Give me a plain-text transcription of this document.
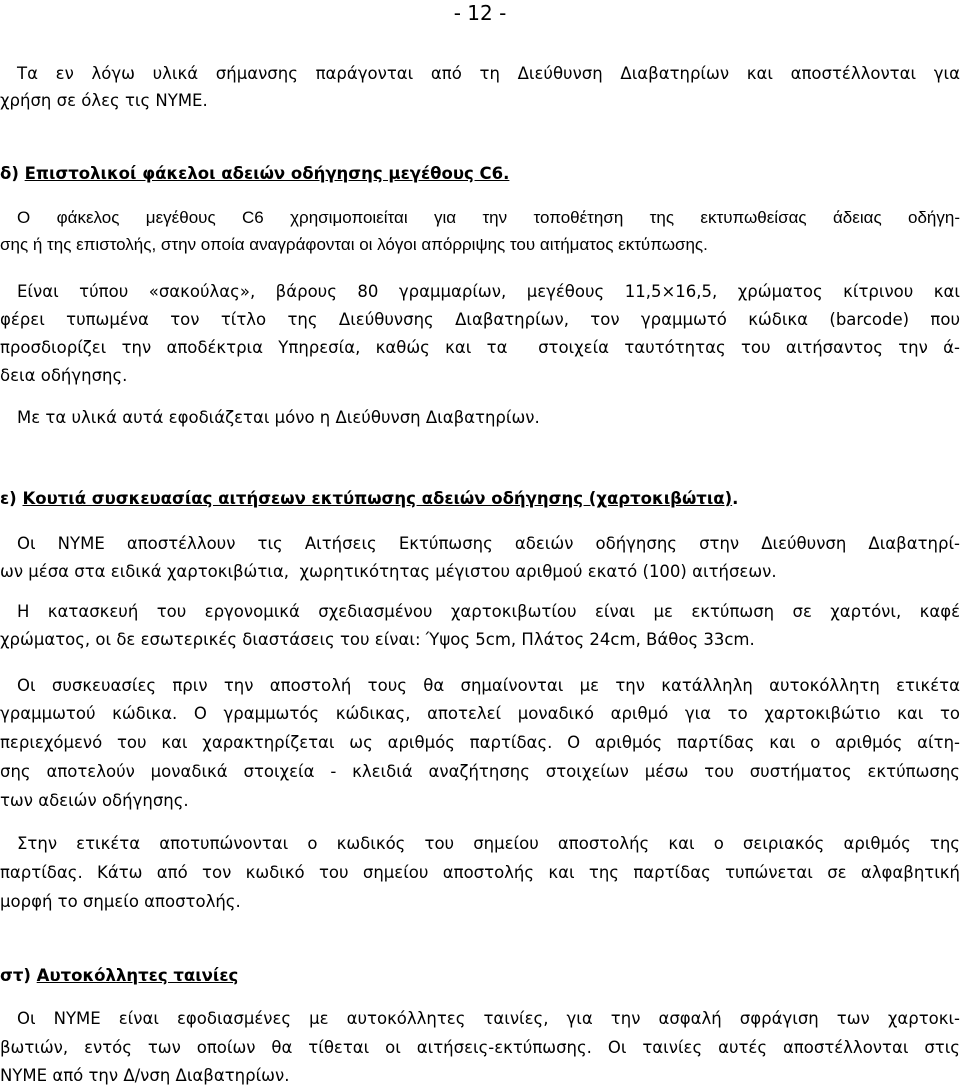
- 12 -
Τα εν λόγω υλικά σήμανσης παράγονται από τη Διεύθυνση Διαβατηρίων και αποστέλλονται για
χρήση σε όλες τις ΝΥΜΕ.
δ) Επιστολικοί φάκελοι αδειών οδήγησης μεγέθους C6.
Ο φάκελος μεγέθους C6 χρησιμοποιείται για την τοποθέτηση της εκτυπωθείσας άδειας οδήγη-
σης ή της επιστολής, στην οποία αναγράφονται οι λόγοι απόρριψης του αιτήματος εκτύπωσης.
Είναι τύπου «σακούλας», βάρους 80 γραμμαρίων, μεγέθους 11,5×16,5, χρώματος κίτρινου και
φέρει τυπωμένα τον τίτλο της Διεύθυνσης Διαβατηρίων, τον γραμμωτό κώδικα (barcode) που
προσδιορίζει την αποδέκτρια Υπηρεσία, καθώς και τα  στοιχεία ταυτότητας του αιτήσαντος την ά-
δεια οδήγησης.
Με τα υλικά αυτά εφοδιάζεται μόνο η Διεύθυνση Διαβατηρίων.
ε) Κουτιά συσκευασίας αιτήσεων εκτύπωσης αδειών οδήγησης (χαρτοκιβώτια).
Οι ΝΥΜΕ αποστέλλουν τις Αιτήσεις Εκτύπωσης αδειών οδήγησης στην Διεύθυνση Διαβατηρί-
ων μέσα στα ειδικά χαρτοκιβώτια,  χωρητικότητας μέγιστου αριθμού εκατό (100) αιτήσεων.
Η κατασκευή του εργονομικά σχεδιασμένου χαρτοκιβωτίου είναι με εκτύπωση σε χαρτόνι, καφέ
χρώματος, οι δε εσωτερικές διαστάσεις του είναι: Ύψος 5cm, Πλάτος 24cm, Βάθος 33cm.
Οι συσκευασίες πριν την αποστολή τους θα σημαίνονται με την κατάλληλη αυτοκόλλητη ετικέτα
γραμμωτού κώδικα. Ο γραμμωτός κώδικας, αποτελεί μοναδικό αριθμό για το χαρτοκιβώτιο και το
περιεχόμενό του και χαρακτηρίζεται ως αριθμός παρτίδας. Ο αριθμός παρτίδας και ο αριθμός αίτη-
σης αποτελούν μοναδικά στοιχεία - κλειδιά αναζήτησης στοιχείων μέσω του συστήματος εκτύπωσης
των αδειών οδήγησης.
Στην ετικέτα αποτυπώνονται ο κωδικός του σημείου αποστολής και ο σειριακός αριθμός της
παρτίδας. Κάτω από τον κωδικό του σημείου αποστολής και της παρτίδας τυπώνεται σε αλφαβητική
μορφή το σημείο αποστολής.
στ) Αυτοκόλλητες ταινίες
Οι ΝΥΜΕ είναι εφοδιασμένες με αυτοκόλλητες ταινίες, για την ασφαλή σφράγιση των χαρτοκι-
βωτιών, εντός των οποίων θα τίθεται οι αιτήσεις-εκτύπωσης. Οι ταινίες αυτές αποστέλλονται στις
ΝΥΜΕ από την Δ/νση Διαβατηρίων.
